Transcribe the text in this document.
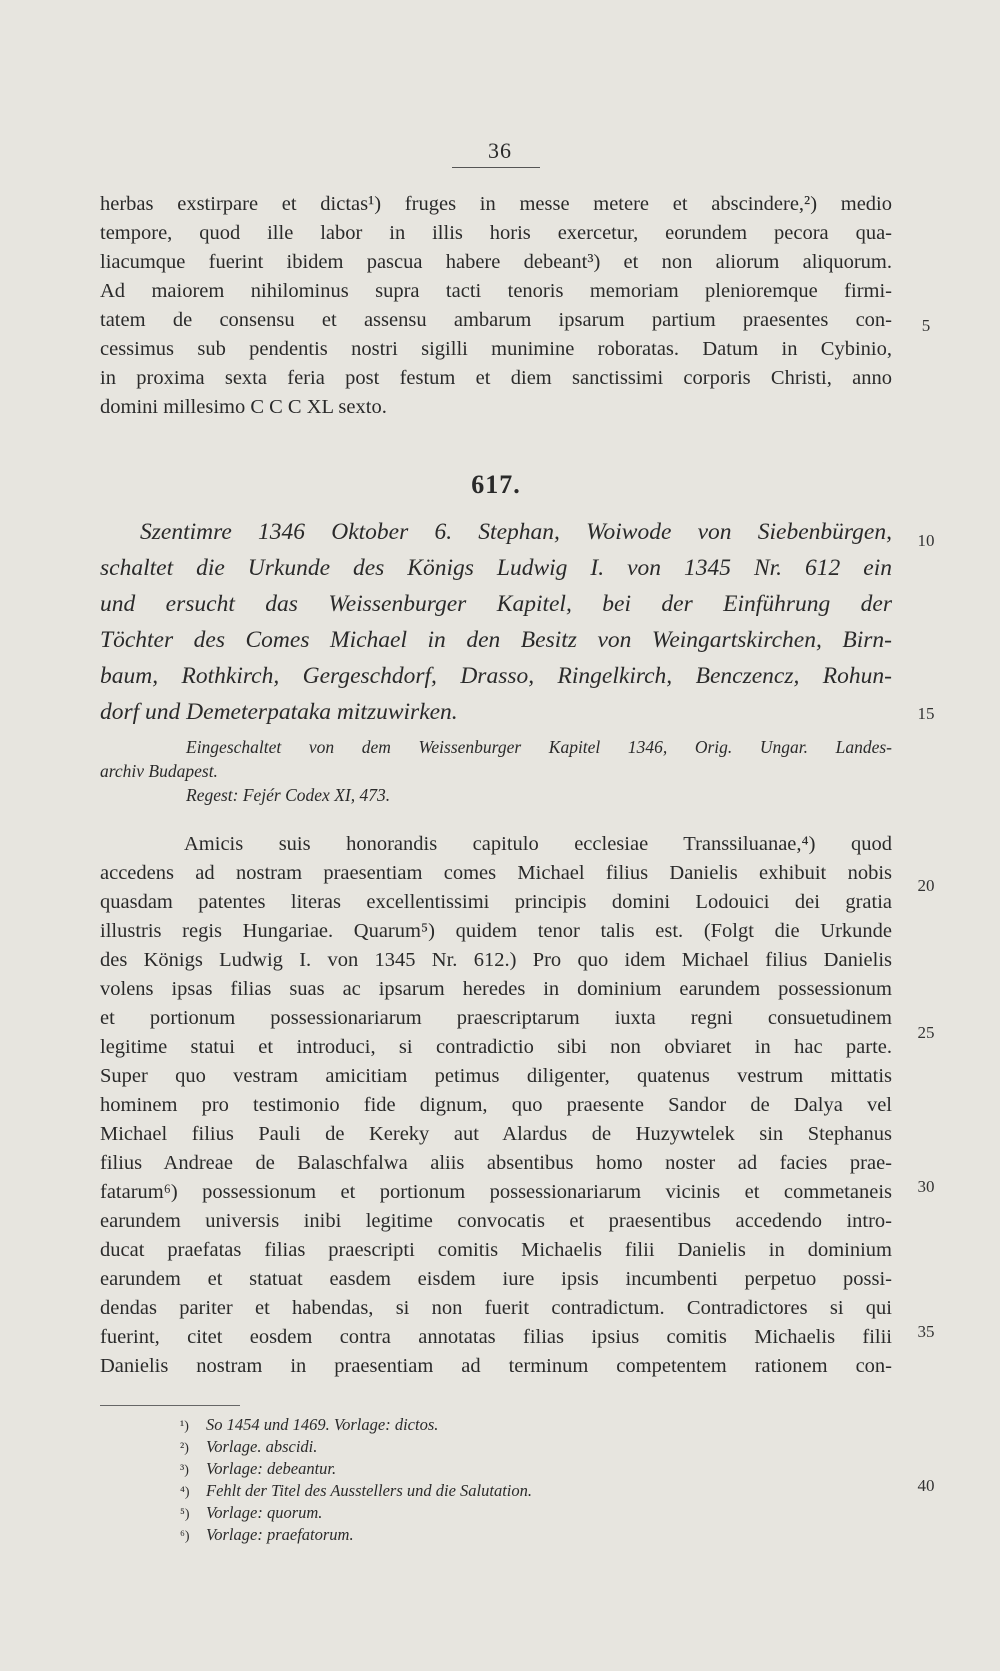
36
herbas exstirpare et dictas¹) fruges in messe metere et abscindere,²) medio
tempore, quod ille labor in illis horis exercetur, eorundem pecora qua-
liacumque fuerint ibidem pascua habere debeant³) et non aliorum aliquorum.
Ad maiorem nihilominus supra tacti tenoris memoriam plenioremque firmi-
tatem de consensu et assensu ambarum ipsarum partium praesentes con-
cessimus sub pendentis nostri sigilli munimine roboratas. Datum in Cybinio,
in proxima sexta feria post festum et diem sanctissimi corporis Christi, anno
domini millesimo C C C XL sexto.
617.
Szentimre 1346 Oktober 6. Stephan, Woiwode von Siebenbürgen,
schaltet die Urkunde des Königs Ludwig I. von 1345 Nr. 612 ein
und ersucht das Weissenburger Kapitel, bei der Einführung der
Töchter des Comes Michael in den Besitz von Weingartskirchen, Birn-
baum, Rothkirch, Gergeschdorf, Drasso, Ringelkirch, Benczencz, Rohun-
dorf und Demeterpataka mitzuwirken.
Eingeschaltet von dem Weissenburger Kapitel 1346, Orig. Ungar. Landes-
archiv Budapest.
Regest: Fejér Codex XI, 473.
Amicis suis honorandis capitulo ecclesiae Transsiluanae,⁴) quod
accedens ad nostram praesentiam comes Michael filius Danielis exhibuit nobis
quasdam patentes literas excellentissimi principis domini Lodouici dei gratia
illustris regis Hungariae. Quarum⁵) quidem tenor talis est. (Folgt die Urkunde
des Königs Ludwig I. von 1345 Nr. 612.) Pro quo idem Michael filius Danielis
volens ipsas filias suas ac ipsarum heredes in dominium earundem possessionum
et portionum possessionariarum praescriptarum iuxta regni consuetudinem
legitime statui et introduci, si contradictio sibi non obviaret in hac parte.
Super quo vestram amicitiam petimus diligenter, quatenus vestrum mittatis
hominem pro testimonio fide dignum, quo praesente Sandor de Dalya vel
Michael filius Pauli de Kereky aut Alardus de Huzywtelek sin Stephanus
filius Andreae de Balaschfalwa aliis absentibus homo noster ad facies prae-
fatarum⁶) possessionum et portionum possessionariarum vicinis et commetaneis
earundem universis inibi legitime convocatis et praesentibus accedendo intro-
ducat praefatas filias praescripti comitis Michaelis filii Danielis in dominium
earundem et statuat easdem eisdem iure ipsis incumbenti perpetuo possi-
dendas pariter et habendas, si non fuerit contradictum. Contradictores si qui
fuerint, citet eosdem contra annotatas filias ipsius comitis Michaelis filii
Danielis nostram in praesentiam ad terminum competentem rationem con-
5
10
15
20
25
30
35
40
¹) So 1454 und 1469. Vorlage: dictos.
²) Vorlage. abscidi.
³) Vorlage: debeantur.
⁴) Fehlt der Titel des Ausstellers und die Salutation.
⁵) Vorlage: quorum.
⁶) Vorlage: praefatorum.
